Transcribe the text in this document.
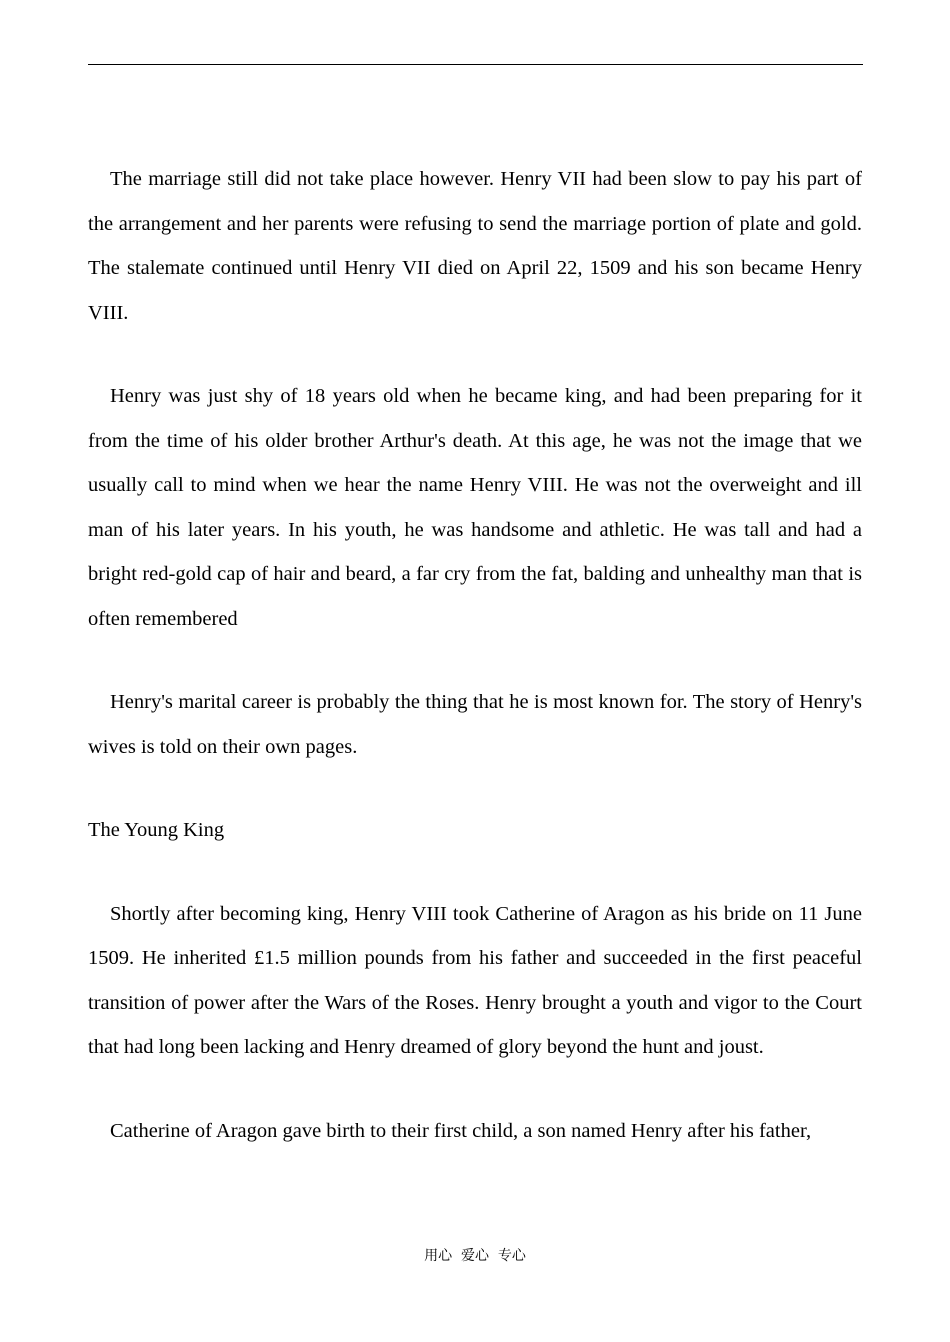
The marriage still did not take place however. Henry VII had been slow to pay his part of the arrangement and her parents were refusing to send the marriage portion of plate and gold. The stalemate continued until Henry VII died on April 22, 1509 and his son became Henry VIII.

Henry was just shy of 18 years old when he became king, and had been preparing for it from the time of his older brother Arthur's death. At this age, he was not the image that we usually call to mind when we hear the name Henry VIII. He was not the overweight and ill man of his later years. In his youth, he was handsome and athletic. He was tall and had a bright red-gold cap of hair and beard, a far cry from the fat, balding and unhealthy man that is often remembered

Henry's marital career is probably the thing that he is most known for. The story of Henry's wives is told on their own pages.

The Young King

Shortly after becoming king, Henry VIII took Catherine of Aragon as his bride on 11 June 1509. He inherited £1.5 million pounds from his father and succeeded in the first peaceful transition of power after the Wars of the Roses. Henry brought a youth and vigor to the Court that had long been lacking and Henry dreamed of glory beyond the hunt and joust.

Catherine of Aragon gave birth to their first child, a son named Henry after his father,

用心  爱心  专心
